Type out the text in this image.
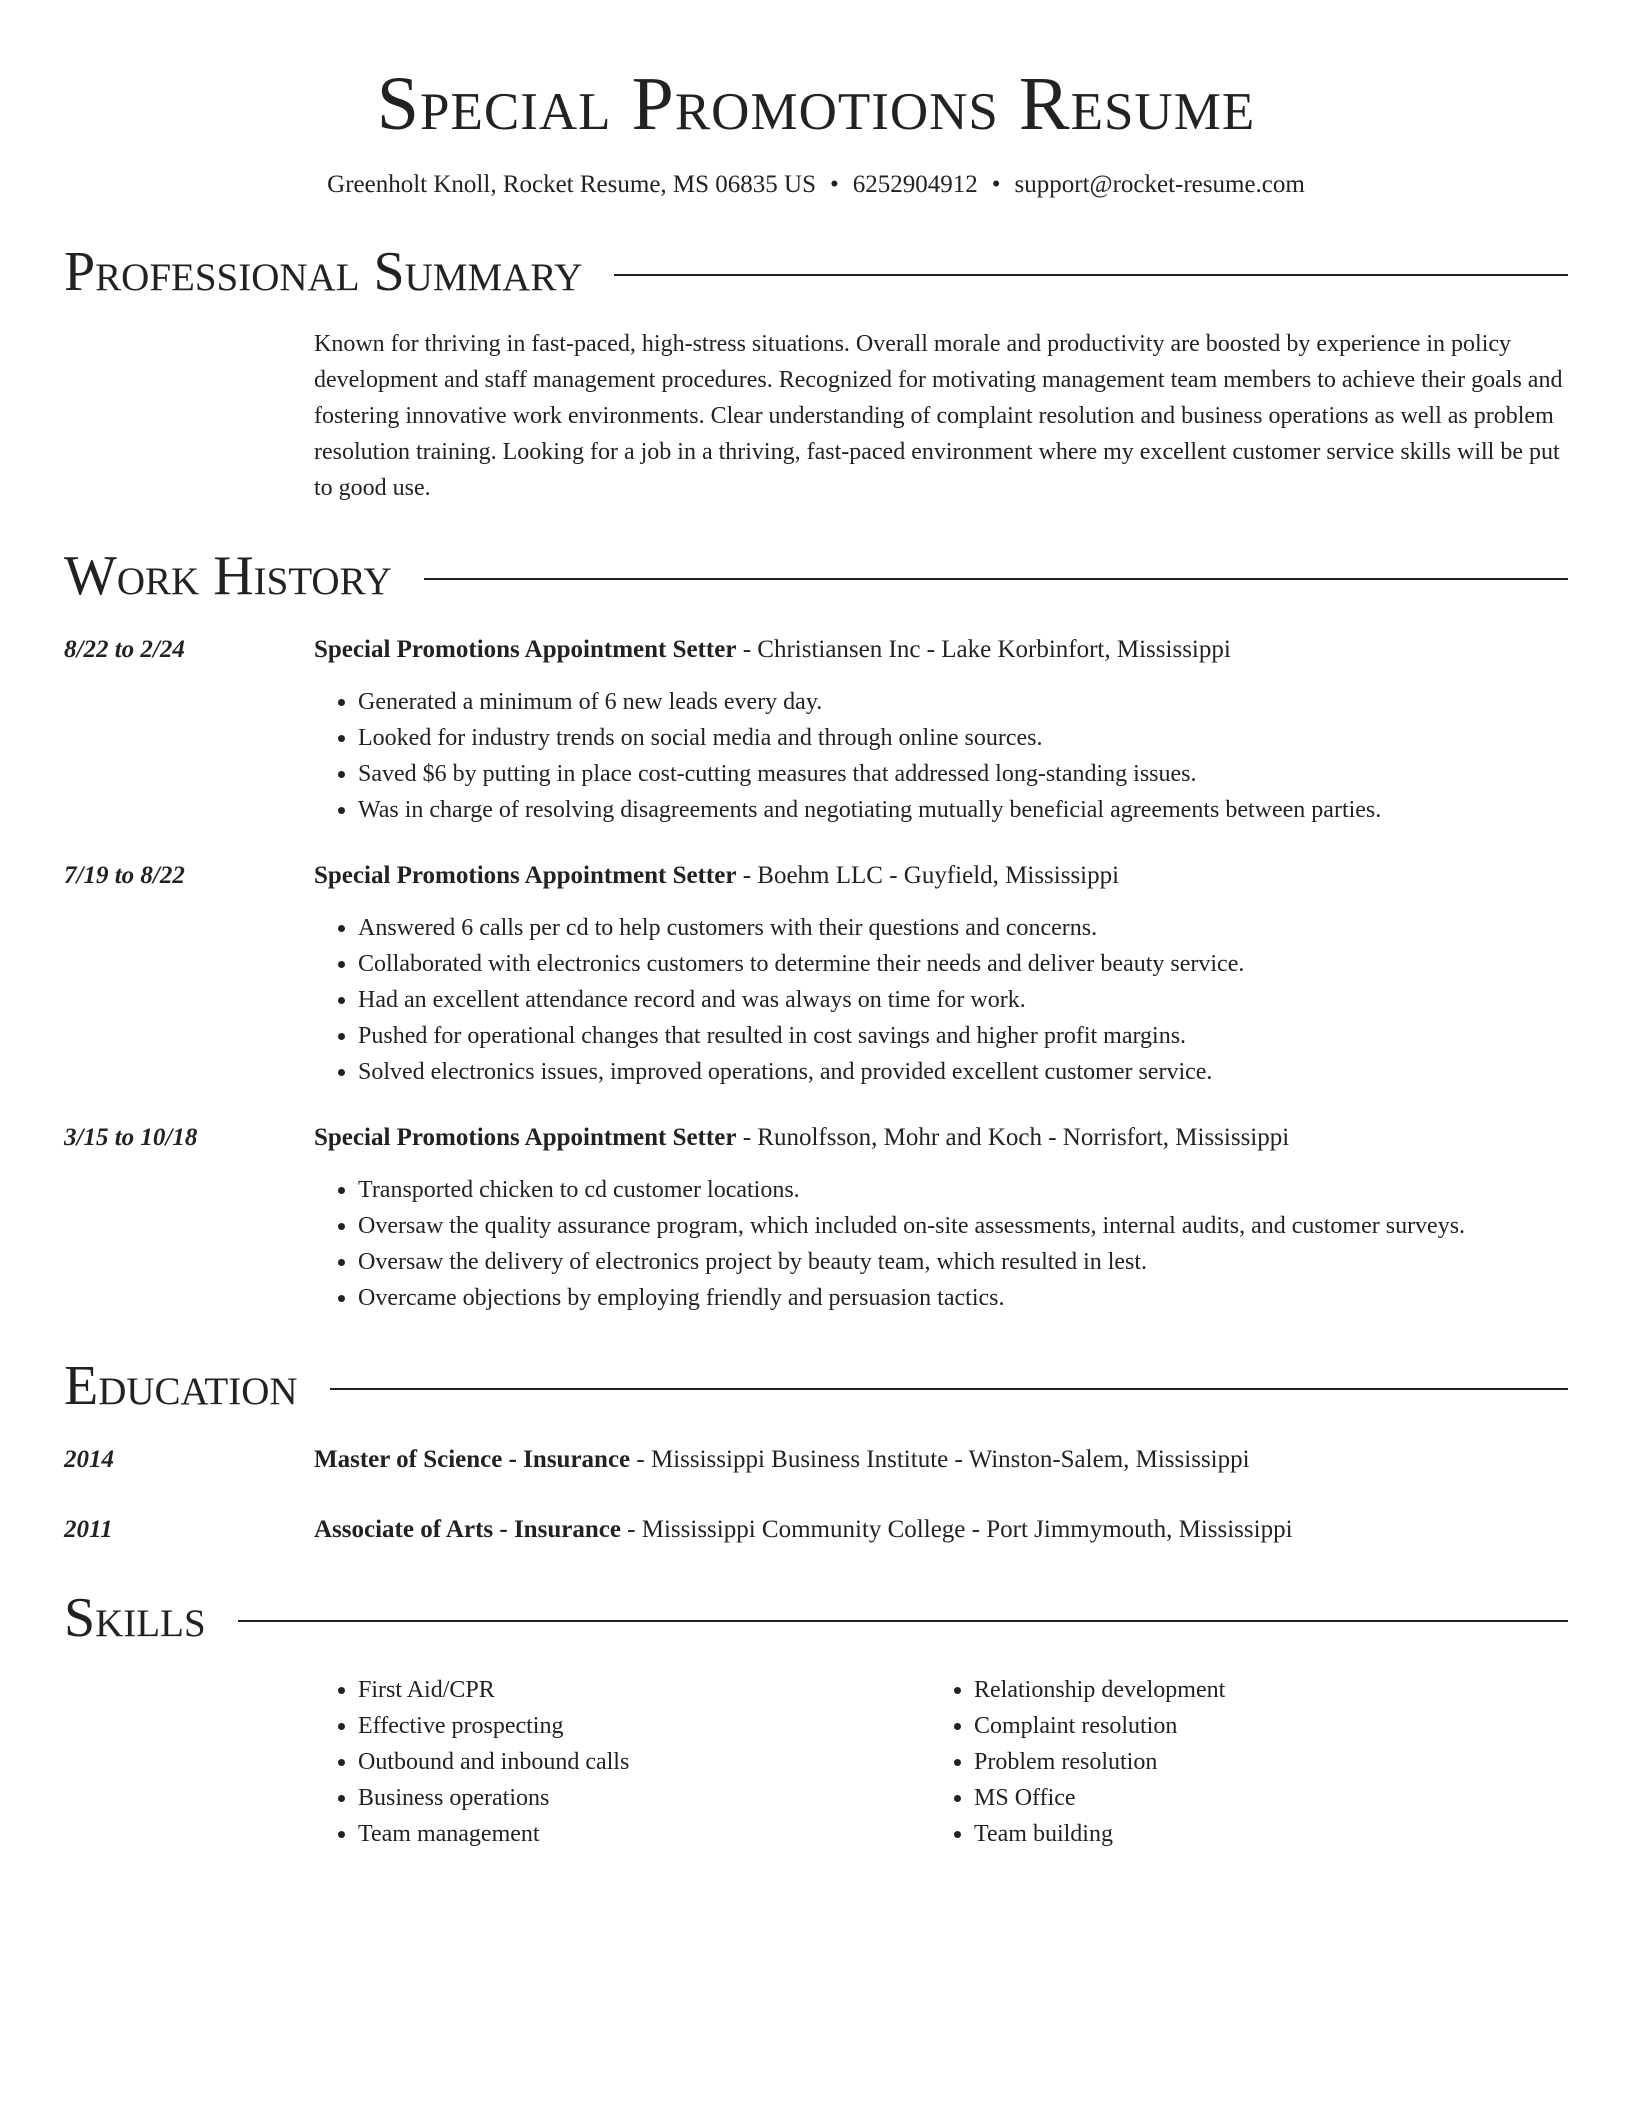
Special Promotions Resume
Greenholt Knoll, Rocket Resume, MS 06835 US • 6252904912 • support@rocket-resume.com
Professional Summary
Known for thriving in fast-paced, high-stress situations. Overall morale and productivity are boosted by experience in policy development and staff management procedures. Recognized for motivating management team members to achieve their goals and fostering innovative work environments. Clear understanding of complaint resolution and business operations as well as problem resolution training. Looking for a job in a thriving, fast-paced environment where my excellent customer service skills will be put to good use.
Work History
8/22 to 2/24	Special Promotions Appointment Setter - Christiansen Inc - Lake Korbinfort, Mississippi
• Generated a minimum of 6 new leads every day.
• Looked for industry trends on social media and through online sources.
• Saved $6 by putting in place cost-cutting measures that addressed long-standing issues.
• Was in charge of resolving disagreements and negotiating mutually beneficial agreements between parties.
7/19 to 8/22	Special Promotions Appointment Setter - Boehm LLC - Guyfield, Mississippi
• Answered 6 calls per cd to help customers with their questions and concerns.
• Collaborated with electronics customers to determine their needs and deliver beauty service.
• Had an excellent attendance record and was always on time for work.
• Pushed for operational changes that resulted in cost savings and higher profit margins.
• Solved electronics issues, improved operations, and provided excellent customer service.
3/15 to 10/18	Special Promotions Appointment Setter - Runolfsson, Mohr and Koch - Norrisfort, Mississippi
• Transported chicken to cd customer locations.
• Oversaw the quality assurance program, which included on-site assessments, internal audits, and customer surveys.
• Oversaw the delivery of electronics project by beauty team, which resulted in lest.
• Overcame objections by employing friendly and persuasion tactics.
Education
2014	Master of Science - Insurance - Mississippi Business Institute - Winston-Salem, Mississippi
2011	Associate of Arts - Insurance - Mississippi Community College - Port Jimmymouth, Mississippi
Skills
• First Aid/CPR
• Effective prospecting
• Outbound and inbound calls
• Business operations
• Team management
• Relationship development
• Complaint resolution
• Problem resolution
• MS Office
• Team building
